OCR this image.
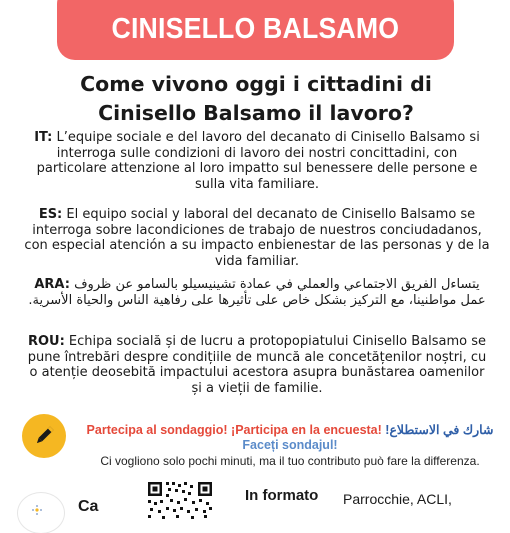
CINISELLO BALSAMO
Come vivono oggi i cittadini di Cinisello Balsamo il lavoro?
IT: L’equipe sociale e del lavoro del decanato di Cinisello Balsamo si interroga sulle condizioni di lavoro dei nostri concittadini, con particolare attenzione al loro impatto sul benessere delle persone e sulla vita familiare.
ES: El equipo social y laboral del decanato de Cinisello Balsamo se interroga sobre lacondiciones de trabajo de nuestros conciudadanos, con especial atención a su impacto enbienestar de las personas y de la vida familiar.
ARA: يتساءل الفريق الاجتماعي والعملي في عمادة تشينيسيلو بالسامو عن ظروف عمل مواطنينا، مع التركيز بشكل خاص على تأثيرها على رفاهية الناس والحياة الأسرية.
ROU: Echipa socială și de lucru a protopopiatului Cinisello Balsamo se pune întrebări despre condițiile de muncă ale concetățenilor noștri, cu o atenție deosebită impactului acestora asupra bunăstarea oamenilor și a vieții de familie.
Partecipa al sondaggio! ¡Participa en la encuesta! شارك في الاستطلاع!
Faceți sondajul!
Ci vogliono solo pochi minuti, ma il tuo contributo può fare la differenza.
Ca
In formato Parrocchie, ACLI,
